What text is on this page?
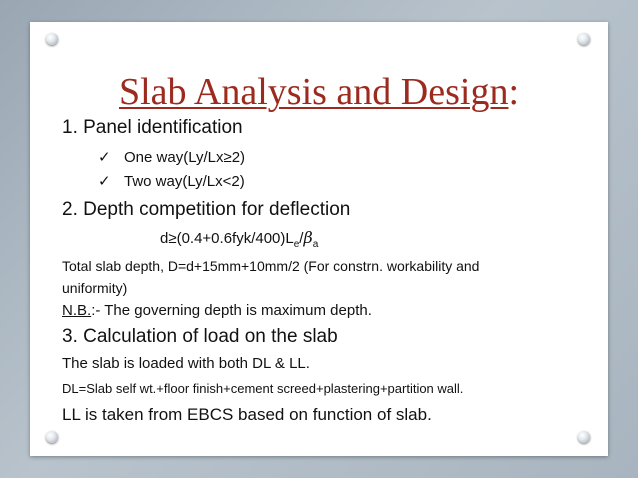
Slab Analysis and Design:
1. Panel identification
✓ One way(Ly/Lx≥2)
✓ Two way(Ly/Lx<2)
2. Depth competition for deflection
$d\ge(0.4+0.6fyk/400)L_e/\beta_a$
Total slab depth, D=d+15mm+10mm/2 (For constrn. workability and
uniformity)
N.B.:- The governing depth is maximum depth.
3. Calculation of load on the slab
The slab is loaded with both DL & LL.
DL=Slab self wt.+floor finish+cement screed+plastering+partition wall.
LL is taken from EBCS based on function of slab.
